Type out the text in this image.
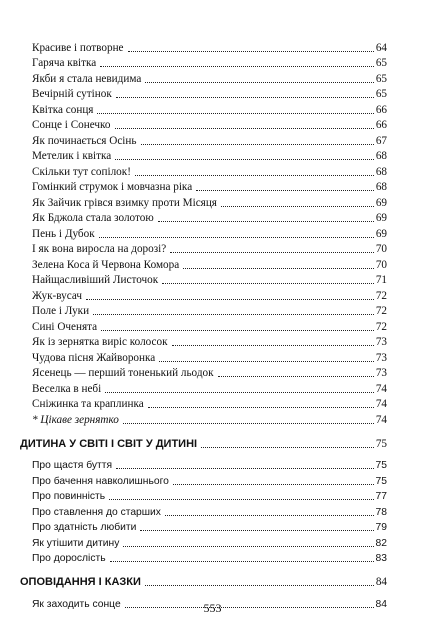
Красиве і потворне	64
Гаряча квітка	65
Якби я стала невидима	65
Вечірній сутінок	65
Квітка сонця	66
Сонце і Сонечко	66
Як починається Осінь	67
Метелик і квітка	68
Скільки тут сопілок!	68
Гомінкий струмок і мовчазна ріка	68
Як Зайчик грівся взимку проти Місяця	69
Як Бджола стала золотою	69
Пень і Дубок	69
І як вона виросла на дорозі?	70
Зелена Коса й Червона Комора	70
Найщасливіший Листочок	71
Жук-вусач	72
Поле і Луки	72
Сині Оченята	72
Як із зернятка виріс колосок	73
Чудова пісня Жайворонка	73
Ясенець — перший тоненький льодок	73
Веселка в небі	74
Сніжинка та краплинка	74
* Цікаве зернятко	74
ДИТИНА У СВІТІ І СВІТ У ДИТИНІ	75
Про щастя буття	75
Про бачення навколишнього	75
Про повинність	77
Про ставлення до старших	78
Про здатність любити	79
Як утішити дитину	82
Про дорослість	83
ОПОВІДАННЯ І КАЗКИ	84
Як заходить сонце	84
553
